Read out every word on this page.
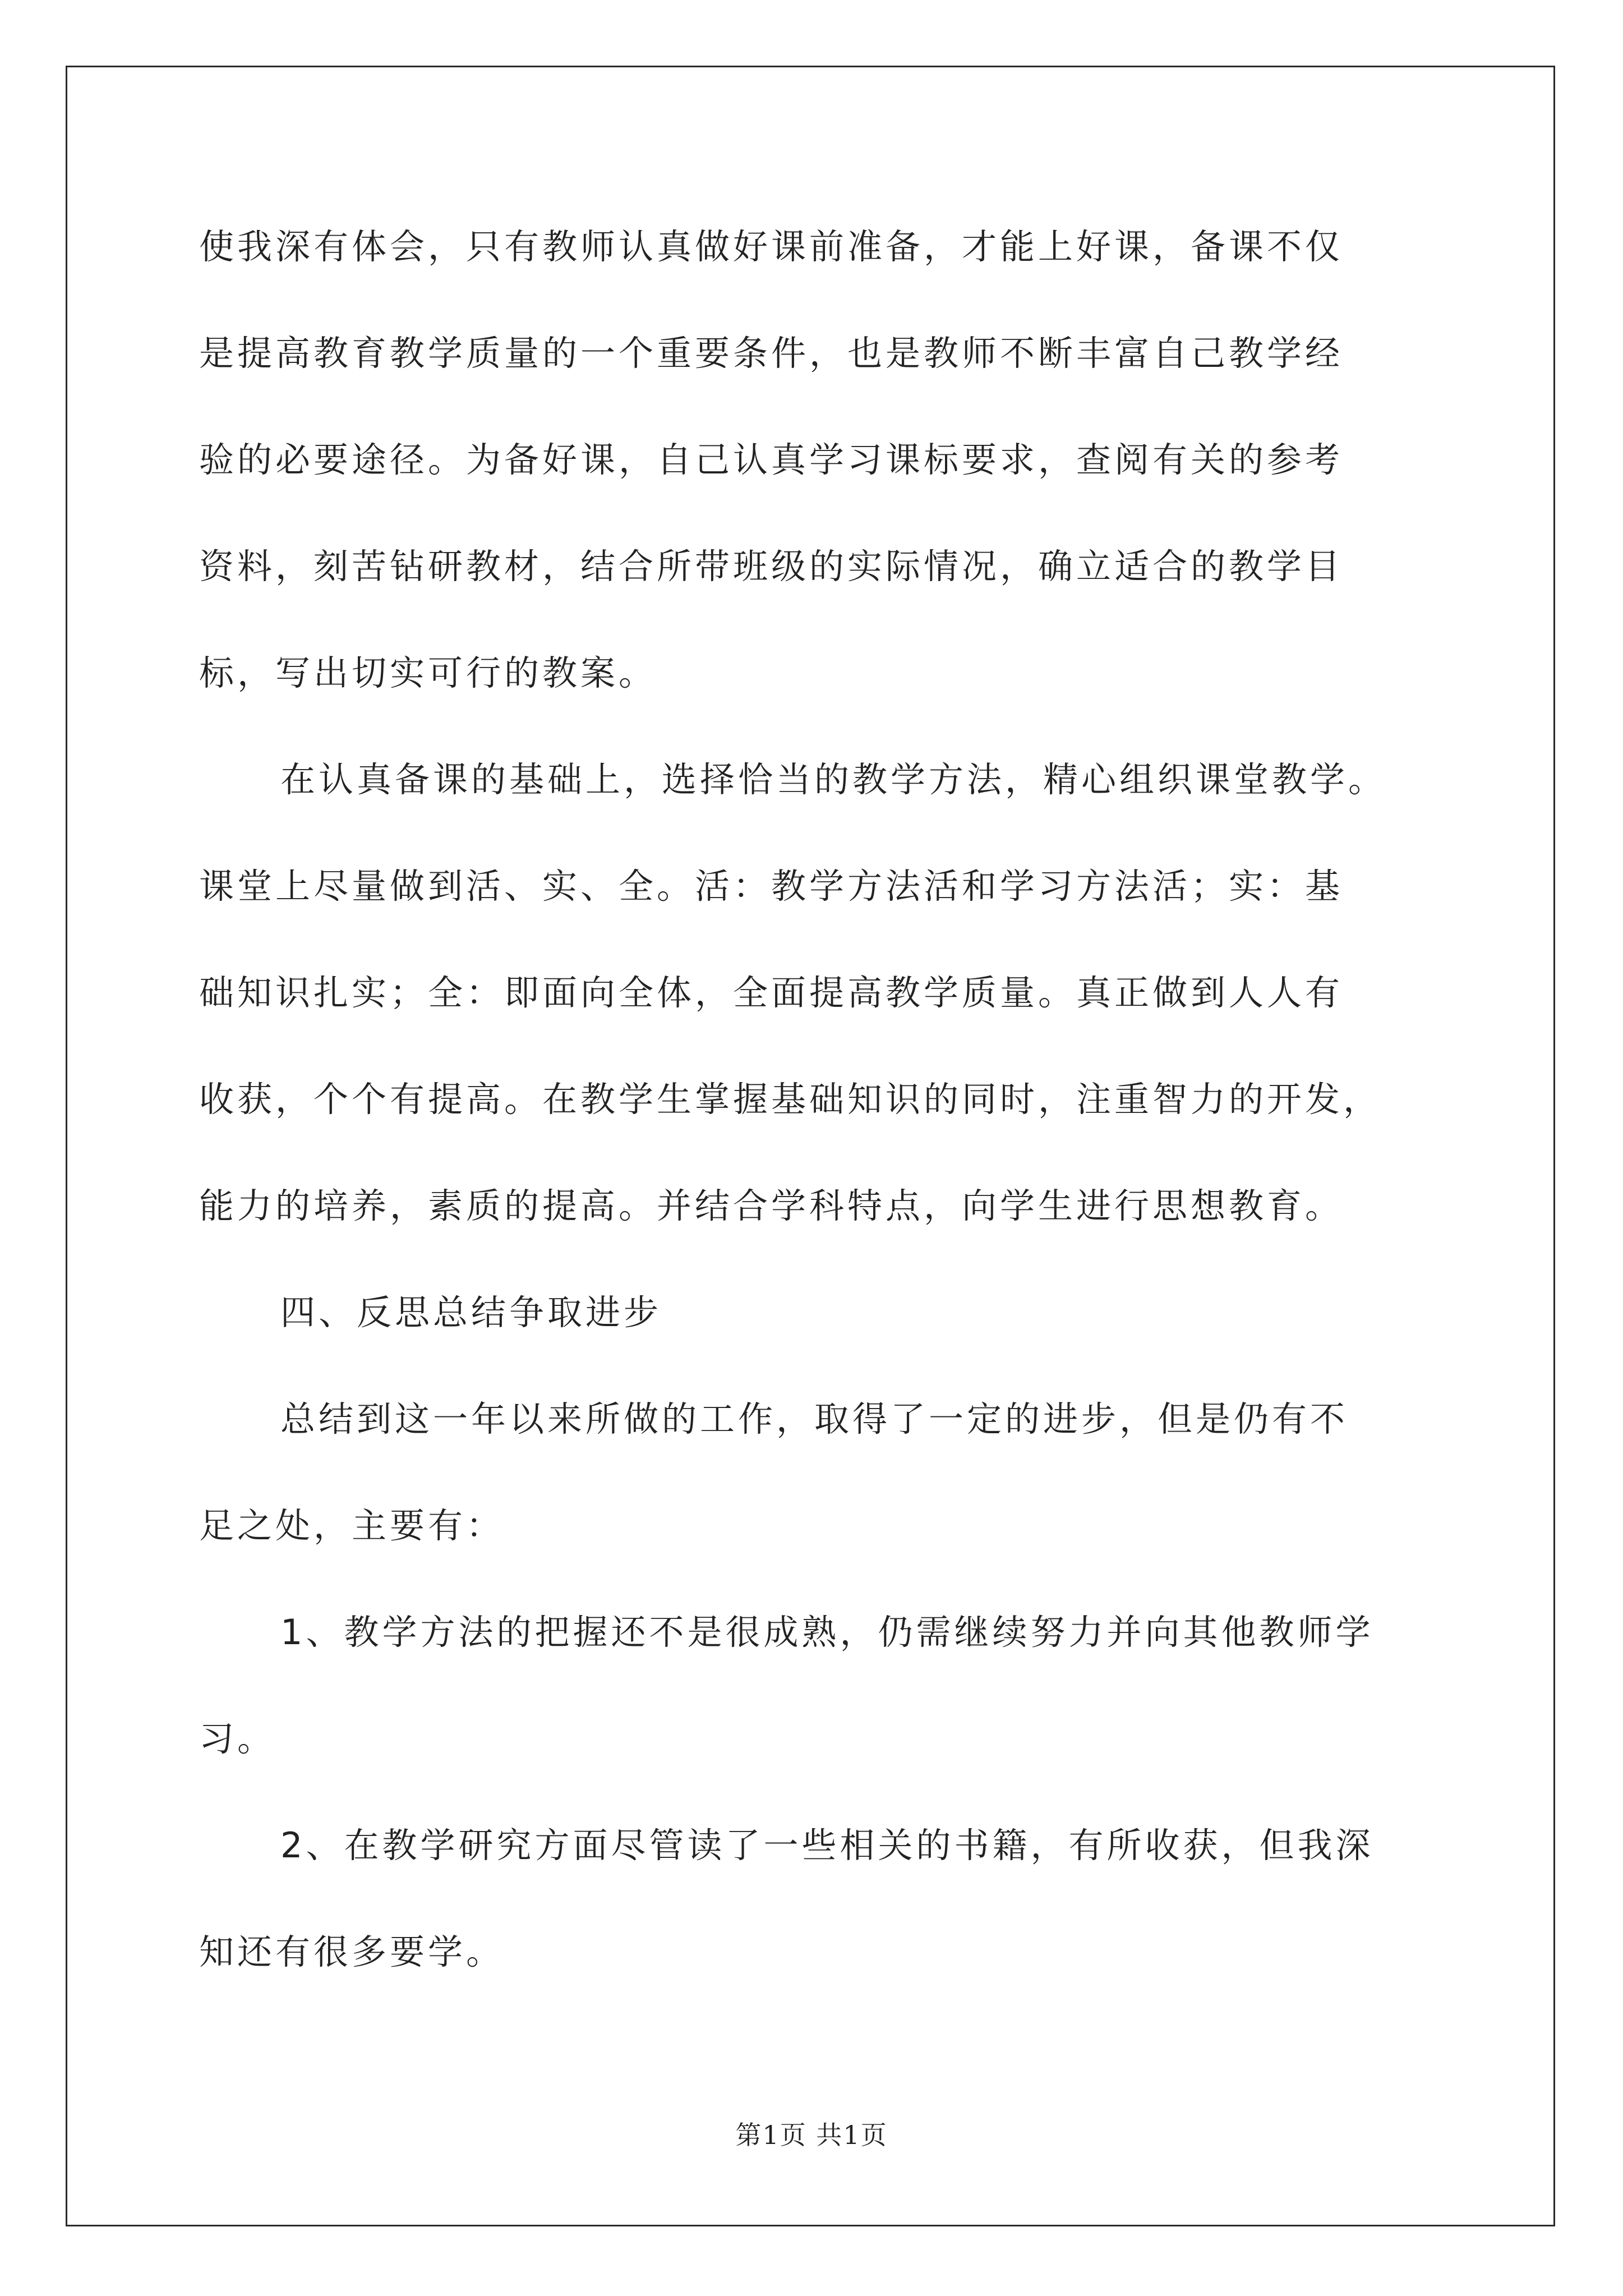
使我深有体会，只有教师认真做好课前准备，才能上好课，备课不仅
是提高教育教学质量的一个重要条件，也是教师不断丰富自己教学经
验的必要途径。为备好课，自己认真学习课标要求，查阅有关的参考
资料，刻苦钻研教材，结合所带班级的实际情况，确立适合的教学目
标，写出切实可行的教案。
在认真备课的基础上，选择恰当的教学方法，精心组织课堂教学。
课堂上尽量做到活、实、全。活：教学方法活和学习方法活；实：基
础知识扎实；全：即面向全体，全面提高教学质量。真正做到人人有
收获，个个有提高。在教学生掌握基础知识的同时，注重智力的开发，
能力的培养，素质的提高。并结合学科特点，向学生进行思想教育。
四、反思总结争取进步
总结到这一年以来所做的工作，取得了一定的进步，但是仍有不
足之处，主要有：
1、教学方法的把握还不是很成熟，仍需继续努力并向其他教师学
习。
2、在教学研究方面尽管读了一些相关的书籍，有所收获，但我深
知还有很多要学。
第1页 共1页
